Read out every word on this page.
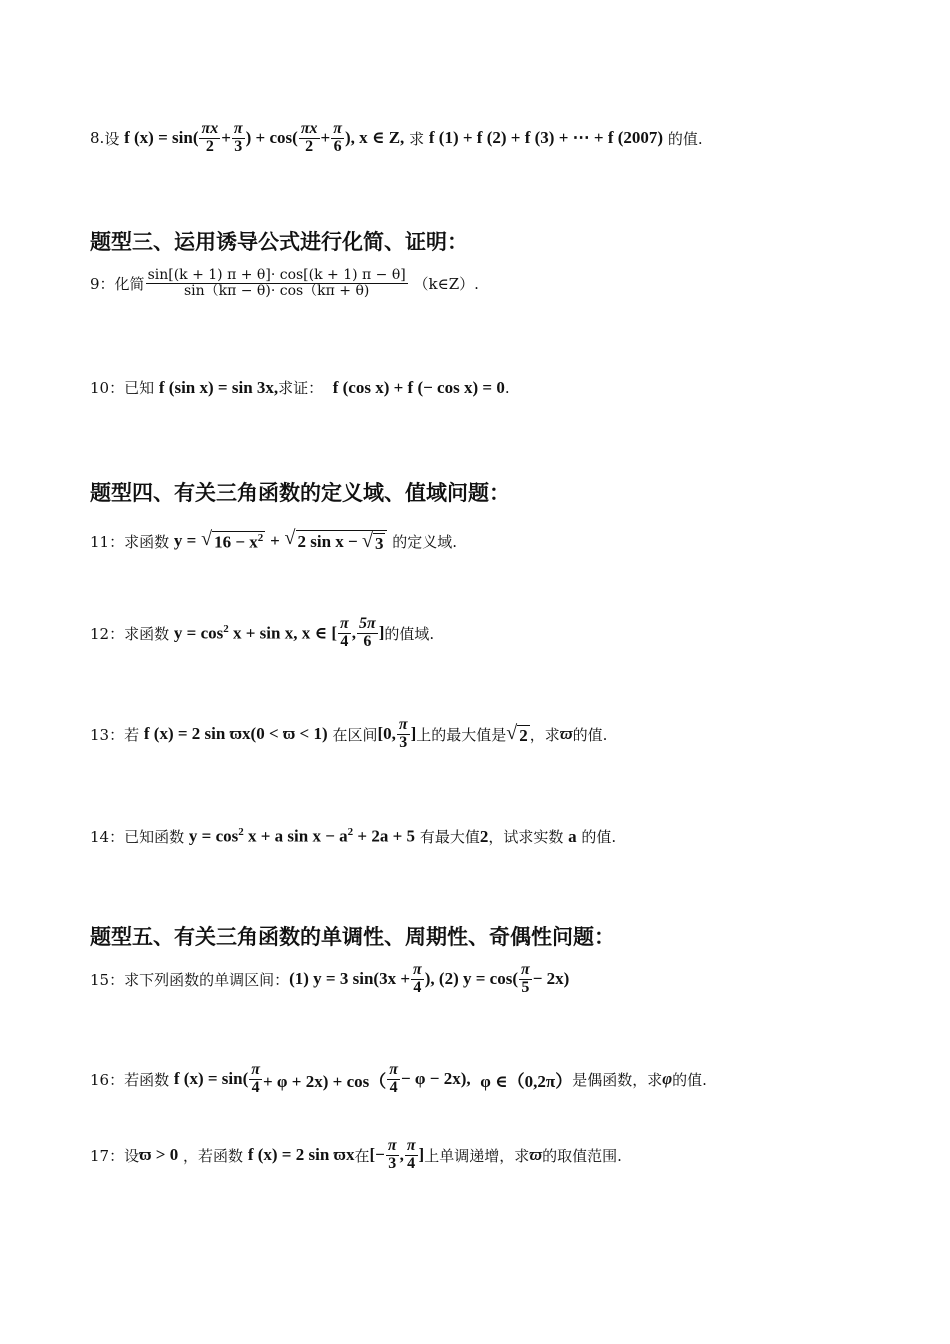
8. 设
f $(x) = \sin( \frac{\pi x}{2} + \frac{\pi}{3}$ ) + $\cos( \frac{\pi x}{2} + \frac{\pi}{6}$ ), x ∈ Z,
求
f (1) + f (2) + f (3) + ⋯ + f (2007)
的值.
题型三、运用诱导公式进行化简、证明：
9： 化简 $\frac{\sin[(k + 1) \pi + \theta]\cdot \cos[(k + 1) \pi - \theta]}{\sin(k\pi - \theta)\cdot \cos(k\pi + \theta)}$
（k∈Z）.
10： 已知
f (sin x) = sin 3x, 求证：
f (cos x) + f (− cos x) = 0 .
题型四、有关三角函数的定义域、值域问题：
11： 求函数
y =
√ $16 - x^2$
+
√ 2 sin x − √ 3
的定义域.
12： 求函数
$y = \cos^2 x + \sin x$, x ∈ [ $\frac{\pi}{4}$ , $\frac{5\pi}{6}$ ] 的值域.
13： 若
f (x) = 2 sin ϖx(0 < ϖ < 1)
在区间 [0, $\frac{\pi}{3}$ ] 上的最大值是 √ 2 ，求 ϖ 的值.
14： 已知函数
$y = \cos^2 x + a$ $\sin x - a^2 + 2a + 5$
有最大值 2 ，试求实数
a
的值.
题型五、有关三角函数的单调性、周期性、奇偶性问题：
15： 求下列函数的单调区间： (1) y = 3 $\sin(3x + \frac{\pi}{4}$ ), (2) $y = \cos( \frac{\pi}{5} - 2x)$
16： 若函数
f $(x) = \sin( \frac{\pi}{4} + \varphi + 2x) + \cos( \frac{\pi}{4} - \varphi - 2x)$,
φ ∈（0,2π） 是偶函数，求 φ 的值.
17： 设 ϖ > 0
，若函数
f (x) = 2 sin ϖx 在 [− $\frac{\pi}{3}$ , $\frac{\pi}{4}$ ] 上单调递增，求 ϖ 的取值范围.
